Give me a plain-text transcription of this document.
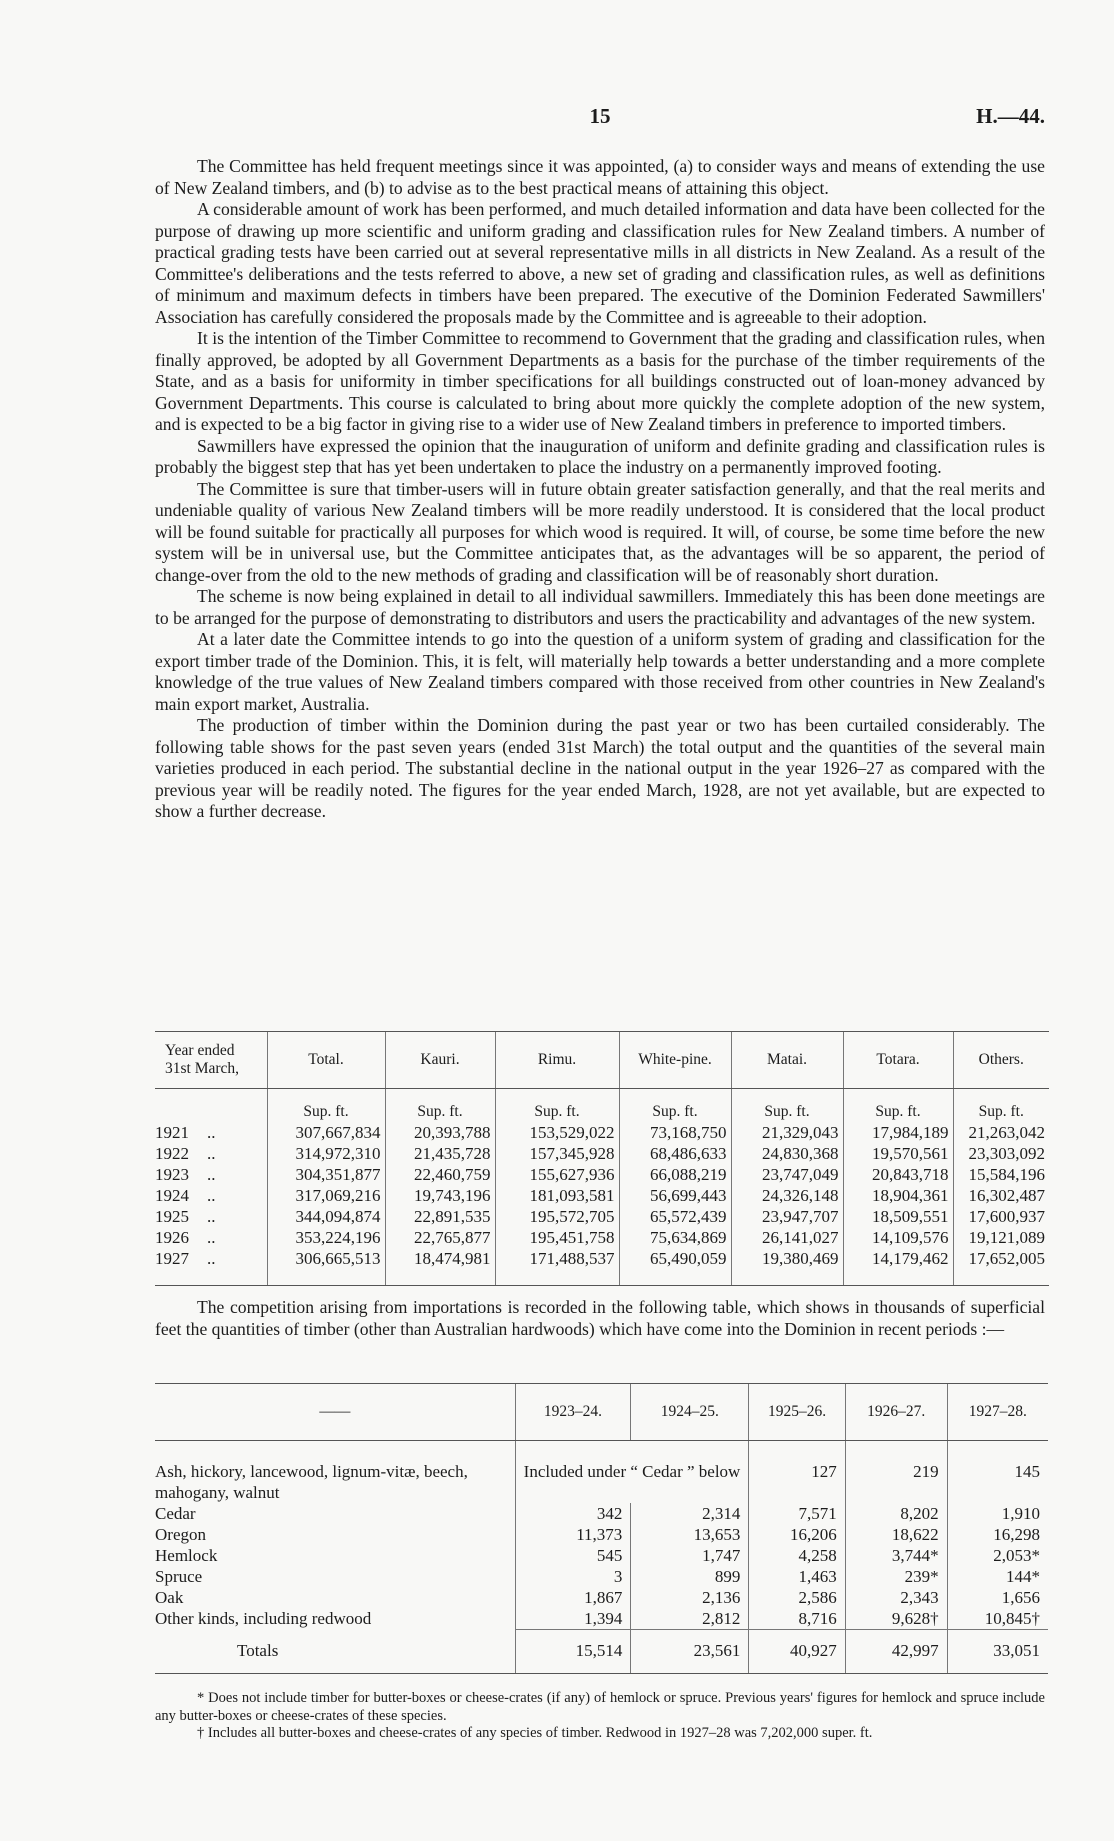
15	H.—44.

The Committee has held frequent meetings since it was appointed, (a) to consider ways and means of extending the use of New Zealand timbers, and (b) to advise as to the best practical means of attaining this object.

A considerable amount of work has been performed, and much detailed information and data have been collected for the purpose of drawing up more scientific and uniform grading and classification rules for New Zealand timbers. A number of practical grading tests have been carried out at several representative mills in all districts in New Zealand. As a result of the Committee's deliberations and the tests referred to above, a new set of grading and classification rules, as well as definitions of minimum and maximum defects in timbers have been prepared. The executive of the Dominion Federated Sawmillers' Association has carefully considered the proposals made by the Committee and is agreeable to their adoption.

It is the intention of the Timber Committee to recommend to Government that the grading and classification rules, when finally approved, be adopted by all Government Departments as a basis for the purchase of the timber requirements of the State, and as a basis for uniformity in timber specifications for all buildings constructed out of loan-money advanced by Government Departments. This course is calculated to bring about more quickly the complete adoption of the new system, and is expected to be a big factor in giving rise to a wider use of New Zealand timbers in preference to imported timbers.

Sawmillers have expressed the opinion that the inauguration of uniform and definite grading and classification rules is probably the biggest step that has yet been undertaken to place the industry on a permanently improved footing.

The Committee is sure that timber-users will in future obtain greater satisfaction generally, and that the real merits and undeniable quality of various New Zealand timbers will be more readily understood. It is considered that the local product will be found suitable for practically all purposes for which wood is required. It will, of course, be some time before the new system will be in universal use, but the Committee anticipates that, as the advantages will be so apparent, the period of change-over from the old to the new methods of grading and classification will be of reasonably short duration.

The scheme is now being explained in detail to all individual sawmillers. Immediately this has been done meetings are to be arranged for the purpose of demonstrating to distributors and users the practicability and advantages of the new system.

At a later date the Committee intends to go into the question of a uniform system of grading and classification for the export timber trade of the Dominion. This, it is felt, will materially help towards a better understanding and a more complete knowledge of the true values of New Zealand timbers compared with those received from other countries in New Zealand's main export market, Australia.

The production of timber within the Dominion during the past year or two has been curtailed considerably. The following table shows for the past seven years (ended 31st March) the total output and the quantities of the several main varieties produced in each period. The substantial decline in the national output in the year 1926–27 as compared with the previous year will be readily noted. The figures for the year ended March, 1928, are not yet available, but are expected to show a further decrease.

Year ended 31st March,	Total.	Kauri.	Rimu.	White-pine.	Matai.	Totara.	Others.
	Sup. ft.	Sup. ft.	Sup. ft.	Sup. ft.	Sup. ft.	Sup. ft.	Sup. ft.
1921 ..	307,667,834	20,393,788	153,529,022	73,168,750	21,329,043	17,984,189	21,263,042
1922 ..	314,972,310	21,435,728	157,345,928	68,486,633	24,830,368	19,570,561	23,303,092
1923 ..	304,351,877	22,460,759	155,627,936	66,088,219	23,747,049	20,843,718	15,584,196
1924 ..	317,069,216	19,743,196	181,093,581	56,699,443	24,326,148	18,904,361	16,302,487
1925 ..	344,094,874	22,891,535	195,572,705	65,572,439	23,947,707	18,509,551	17,600,937
1926 ..	353,224,196	22,765,877	195,451,758	75,634,869	26,141,027	14,109,576	19,121,089
1927 ..	306,665,513	18,474,981	171,488,537	65,490,059	19,380,469	14,179,462	17,652,005

The competition arising from importations is recorded in the following table, which shows in thousands of superficial feet the quantities of timber (other than Australian hardwoods) which have come into the Dominion in recent periods :—

——	1923–24.	1924–25.	1925–26.	1926–27.	1927–28.
Ash, hickory, lancewood, lignum-vitæ, beech, mahogany, walnut	Included under “ Cedar ” below		127	219	145
Cedar	342	2,314	7,571	8,202	1,910
Oregon	11,373	13,653	16,206	18,622	16,298
Hemlock	545	1,747	4,258	3,744*	2,053*
Spruce	3	899	1,463	239*	144*
Oak	1,867	2,136	2,586	2,343	1,656
Other kinds, including redwood	1,394	2,812	8,716	9,628†	10,845†
Totals	15,514	23,561	40,927	42,997	33,051

* Does not include timber for butter-boxes or cheese-crates (if any) of hemlock or spruce. Previous years' figures for hemlock and spruce include any butter-boxes or cheese-crates of these species.

† Includes all butter-boxes and cheese-crates of any species of timber. Redwood in 1927–28 was 7,202,000 super. ft.
